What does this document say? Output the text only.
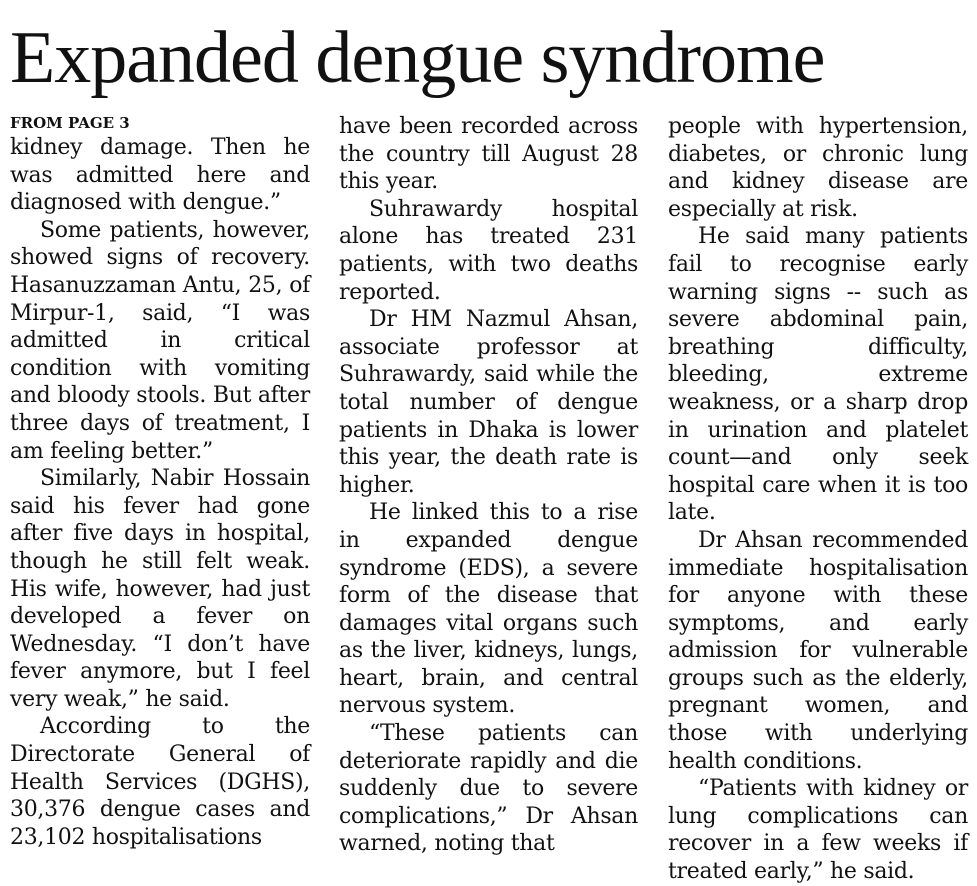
Expanded dengue syndrome
FROM PAGE 3

kidney damage. Then he was admitted here and diagnosed with dengue.”

Some patients, however, showed signs of recovery. Hasanuzzaman Antu, 25, of Mirpur-1, said, “I was admitted in critical condition with vomiting and bloody stools. But after three days of treatment, I am feeling better.”

Similarly, Nabir Hossain said his fever had gone after five days in hospital, though he still felt weak. His wife, however, had just developed a fever on Wednesday. “I don’t have fever anymore, but I feel very weak,” he said.

According to the Directorate General of Health Services (DGHS), 30,376 dengue cases and 23,102 hospitalisations

have been recorded across the country till August 28 this year.

Suhrawardy hospital alone has treated 231 patients, with two deaths reported.

Dr HM Nazmul Ahsan, associate professor at Suhrawardy, said while the total number of dengue patients in Dhaka is lower this year, the death rate is higher.

He linked this to a rise in expanded dengue syndrome (EDS), a severe form of the disease that damages vital organs such as the liver, kidneys, lungs, heart, brain, and central nervous system.

“These patients can deteriorate rapidly and die suddenly due to severe complications,” Dr Ahsan warned, noting that

people with hypertension, diabetes, or chronic lung and kidney disease are especially at risk.

He said many patients fail to recognise early warning signs -- such as severe abdominal pain, breathing difficulty, bleeding, extreme weakness, or a sharp drop in urination and platelet count—and only seek hospital care when it is too late.

Dr Ahsan recommended immediate hospitalisation for anyone with these symptoms, and early admission for vulnerable groups such as the elderly, pregnant women, and those with underlying health conditions.

“Patients with kidney or lung complications can recover in a few weeks if treated early,” he said.
